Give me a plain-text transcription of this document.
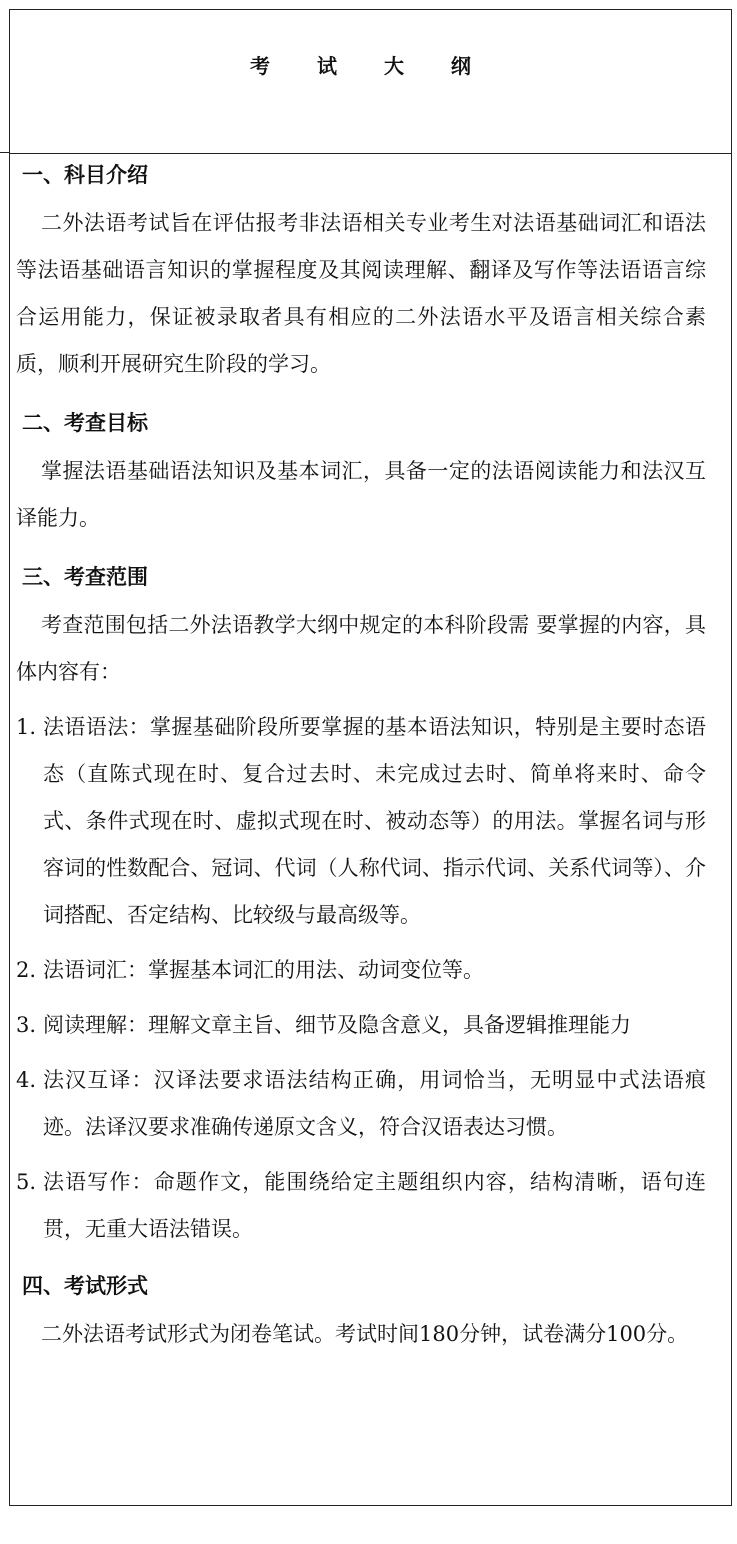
考 试 大 纲
一、科目介绍

二外法语考试旨在评估报考非法语相关专业考生对法语基础词汇和语法等法语基础语言知识的掌握程度及其阅读理解、翻译及写作等法语语言综合运用能力，保证被录取者具有相应的二外法语水平及语言相关综合素质，顺利开展研究生阶段的学习。

二、考查目标

掌握法语基础语法知识及基本词汇，具备一定的法语阅读能力和法汉互译能力。

三、考查范围

考查范围包括二外法语教学大纲中规定的本科阶段需 要掌握的内容，具体内容有：

1. 法语语法：掌握基础阶段所要掌握的基本语法知识，特别是主要时态语态（直陈式现在时、复合过去时、未完成过去时、简单将来时、命令式、条件式现在时、虚拟式现在时、被动态等）的用法。掌握名词与形容词的性数配合、冠词、代词（人称代词、指示代词、关系代词等）、介词搭配、否定结构、比较级与最高级等。
2. 法语词汇：掌握基本词汇的用法、动词变位等。
3. 阅读理解：理解文章主旨、细节及隐含意义，具备逻辑推理能力
4. 法汉互译：汉译法要求语法结构正确，用词恰当，无明显中式法语痕迹。法译汉要求准确传递原文含义，符合汉语表达习惯。
5. 法语写作：命题作文，能围绕给定主题组织内容，结构清晰，语句连贯，无重大语法错误。
四、考试形式

二外法语考试形式为闭卷笔试。考试时间180分钟，试卷满分100分。
